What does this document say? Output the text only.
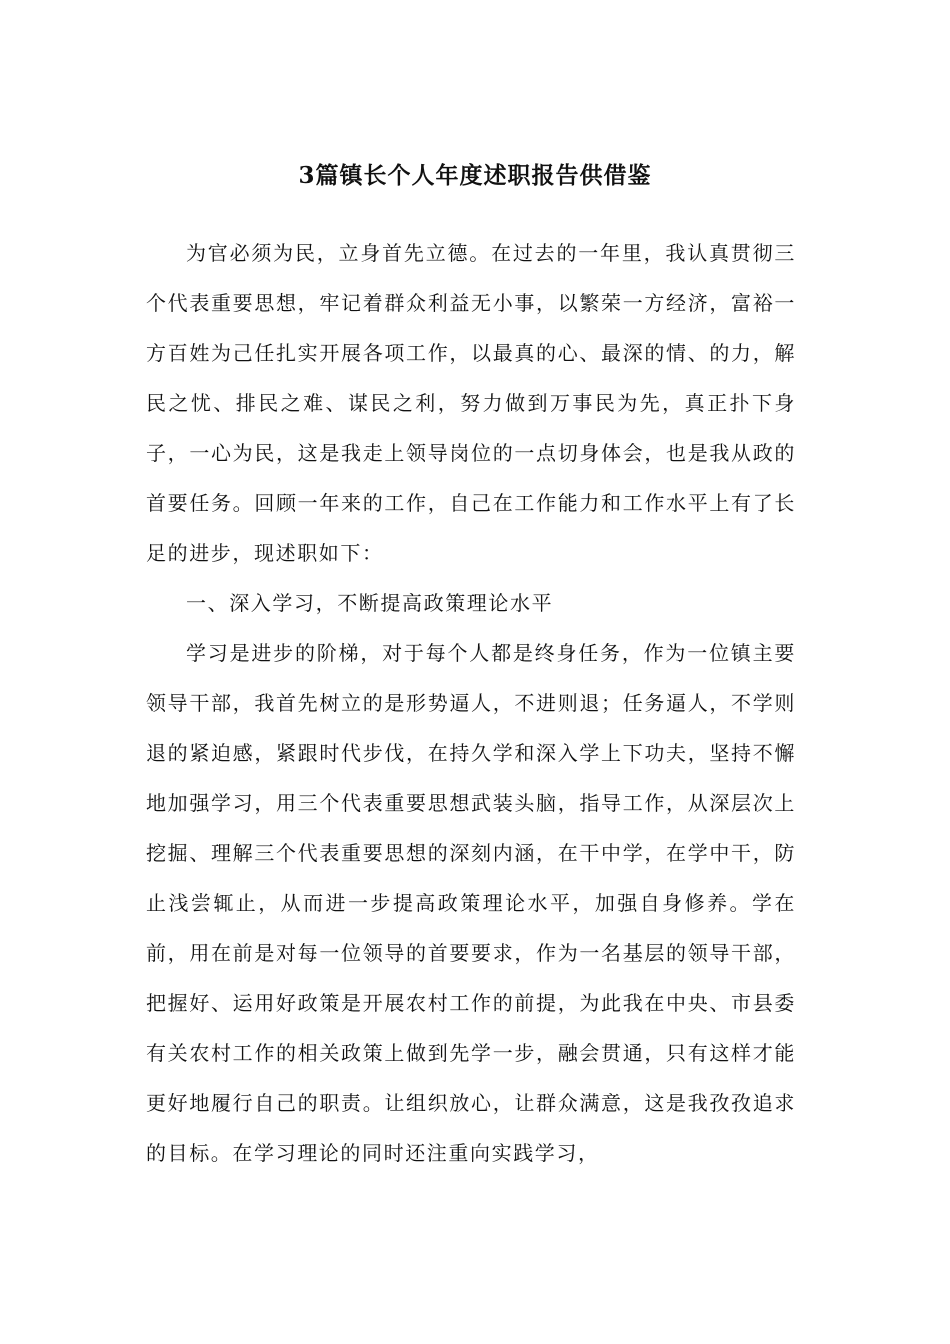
3篇镇长个人年度述职报告供借鉴

为官必须为民，立身首先立德。在过去的一年里，我认真贯彻三个代表重要思想，牢记着群众利益无小事，以繁荣一方经济，富裕一方百姓为己任扎实开展各项工作，以最真的心、最深的情、的力，解民之忧、排民之难、谋民之利，努力做到万事民为先，真正扑下身子，一心为民，这是我走上领导岗位的一点切身体会，也是我从政的首要任务。回顾一年来的工作，自己在工作能力和工作水平上有了长足的进步，现述职如下：

一、深入学习，不断提高政策理论水平

学习是进步的阶梯，对于每个人都是终身任务，作为一位镇主要领导干部，我首先树立的是形势逼人，不进则退；任务逼人，不学则退的紧迫感，紧跟时代步伐，在持久学和深入学上下功夫，坚持不懈地加强学习，用三个代表重要思想武装头脑，指导工作，从深层次上挖掘、理解三个代表重要思想的深刻内涵，在干中学，在学中干，防止浅尝辄止，从而进一步提高政策理论水平，加强自身修养。学在前，用在前是对每一位领导的首要要求，作为一名基层的领导干部，把握好、运用好政策是开展农村工作的前提，为此我在中央、市县委有关农村工作的相关政策上做到先学一步，融会贯通，只有这样才能更好地履行自己的职责。让组织放心，让群众满意，这是我孜孜追求的目标。在学习理论的同时还注重向实践学习，
